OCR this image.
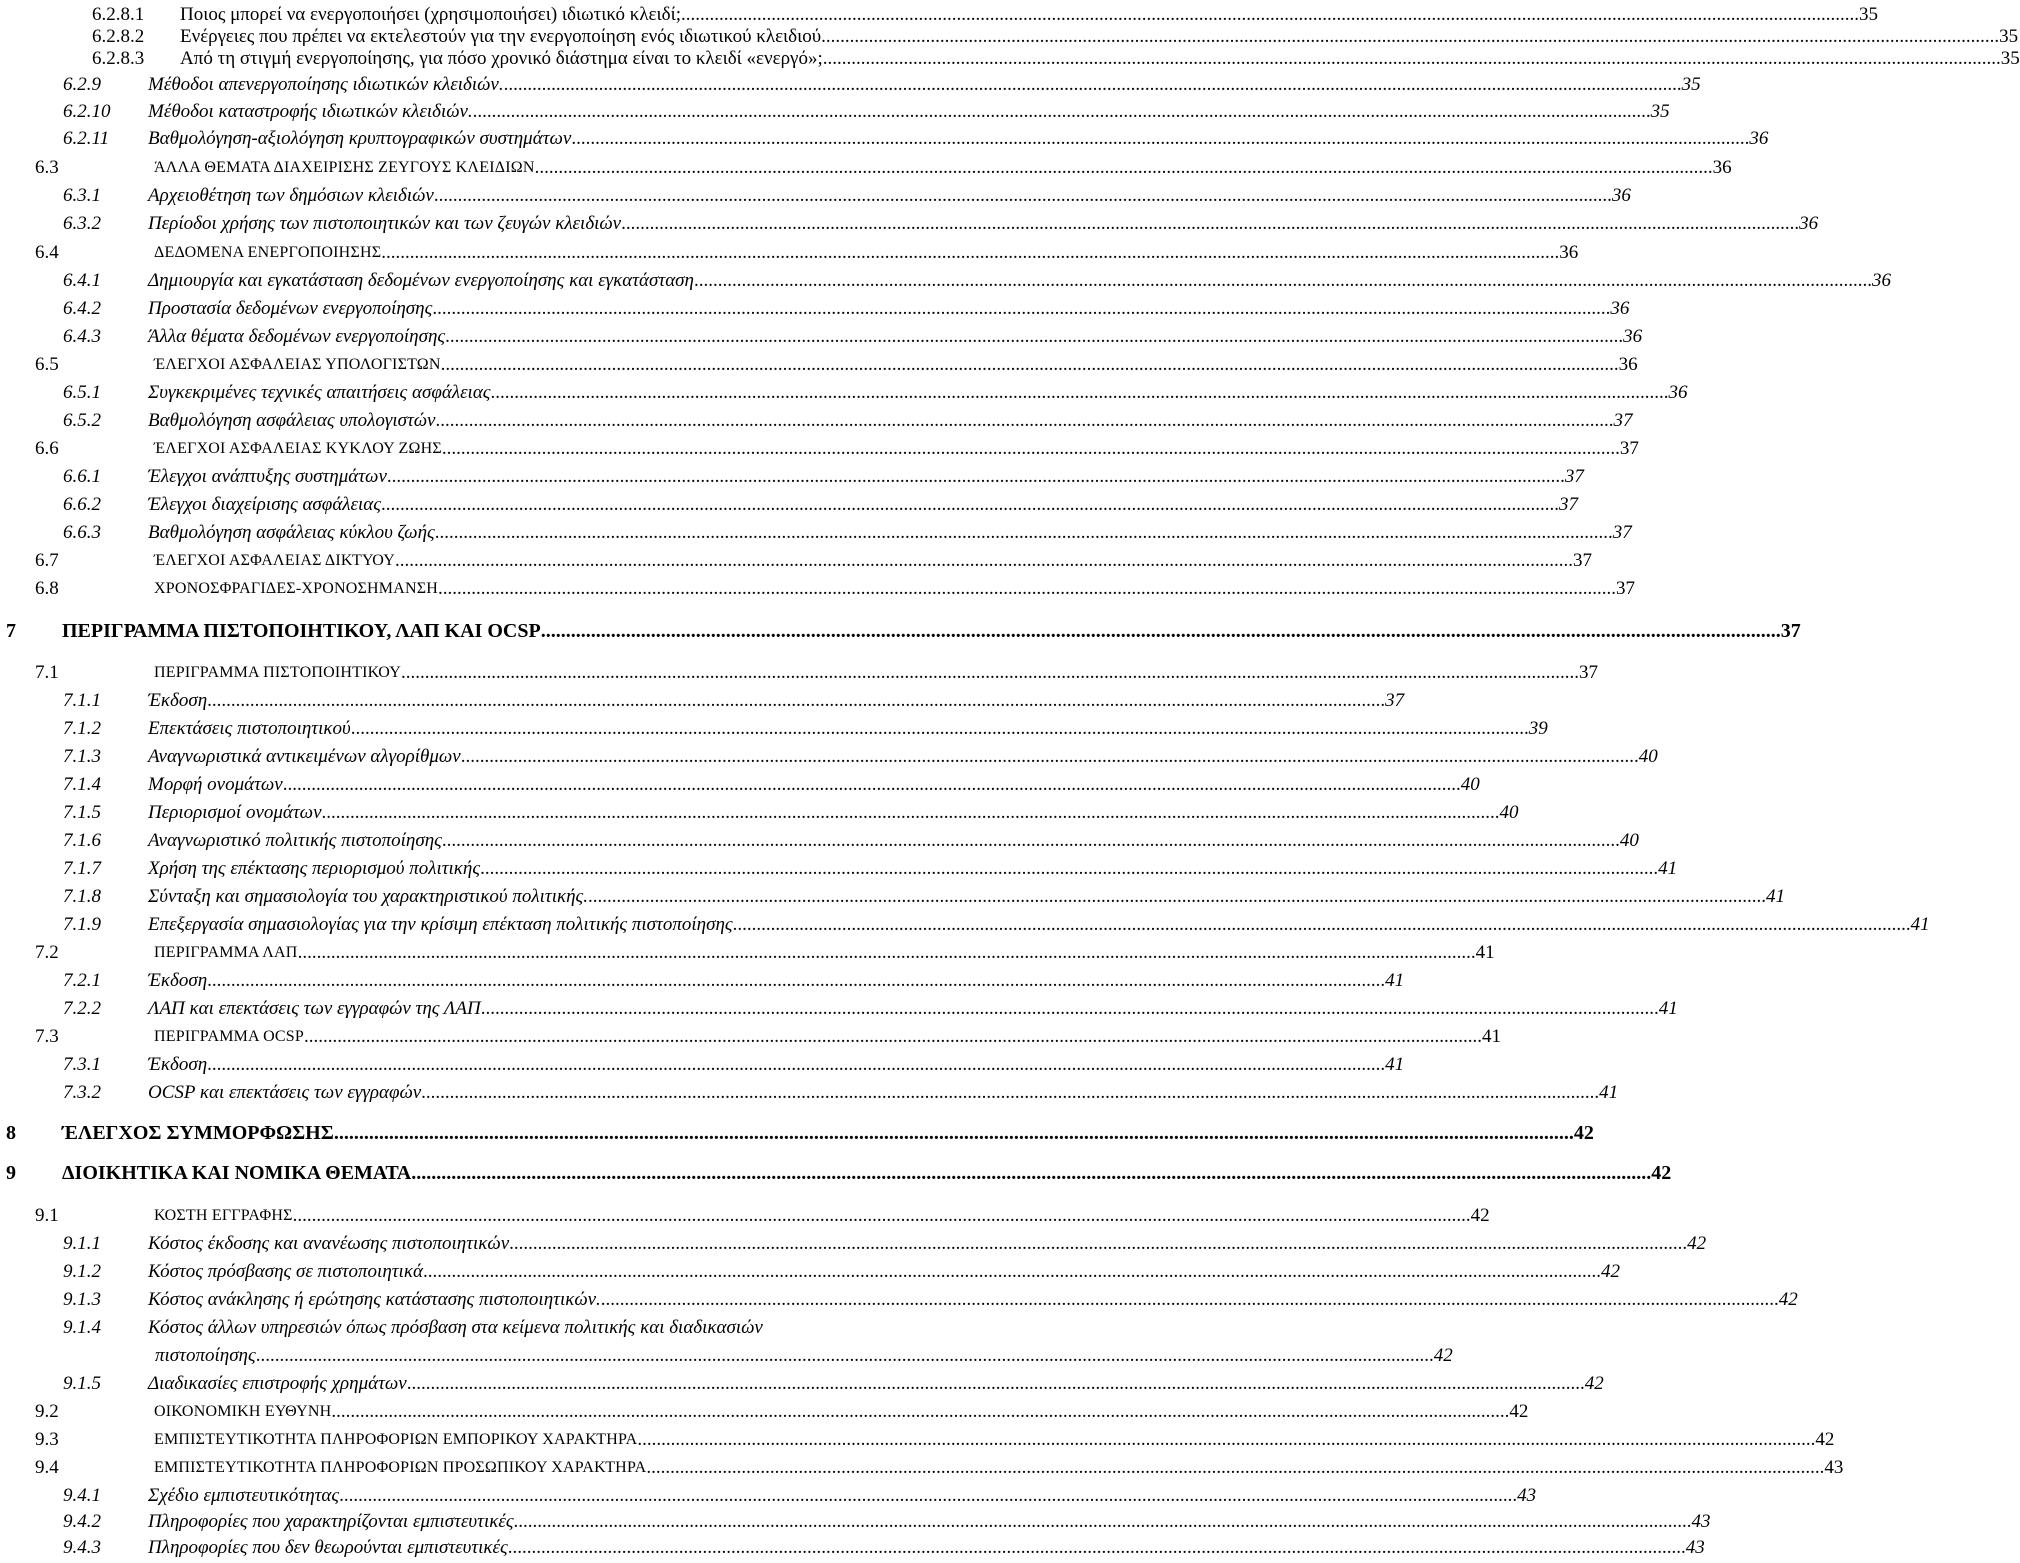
6.2.8.1 Ποιος μπορεί να ενεργοποιήσει (χρησιμοποιήσει) ιδιωτικό κλειδί; .....	35
6.2.8.2 Ενέργειες που πρέπει να εκτελεστούν για την ενεργοποίηση ενός ιδιωτικού κλειδιού .....	35
6.2.8.3 Από τη στιγμή ενεργοποίησης, για πόσο χρονικό διάστημα είναι το κλειδί «ενεργό»; .....	35
6.2.9 Μέθοδοι απενεργοποίησης ιδιωτικών κλειδιών. .....	35
6.2.10 Μέθοδοι καταστροφής ιδιωτικών κλειδιών. .....	35
6.2.11 Βαθμολόγηση-αξιολόγηση κρυπτογραφικών συστημάτων .....	36
6.3	ΆΛΛΑ ΘΕΜΑΤΑ ΔΙΑΧΕΙΡΙΣΗΣ ΖΕΥΓΟΥΣ ΚΛΕΙΔΙΩΝ .....	36
6.3.1 Αρχειοθέτηση των δημόσιων κλειδιών .....	36
6.3.2 Περίοδοι χρήσης των πιστοποιητικών και των ζευγών κλειδιών .....	36
6.4	ΔΕΔΟΜΕΝΑ ΕΝΕΡΓΟΠΟΙΗΣΗΣ .....	36
6.4.1 Δημιουργία και εγκατάσταση δεδομένων ενεργοποίησης και εγκατάσταση .....	36
6.4.2 Προστασία δεδομένων ενεργοποίησης .....	36
6.4.3 Άλλα θέματα δεδομένων ενεργοποίησης .....	36
6.5	ΈΛΕΓΧΟΙ ΑΣΦΑΛΕΙΑΣ ΥΠΟΛΟΓΙΣΤΩΝ .....	36
6.5.1 Συγκεκριμένες τεχνικές απαιτήσεις ασφάλειας .....	36
6.5.2 Βαθμολόγηση ασφάλειας υπολογιστών .....	37
6.6	ΈΛΕΓΧΟΙ ΑΣΦΑΛΕΙΑΣ ΚΥΚΛΟΥ ΖΩΗΣ .....	37
6.6.1 Έλεγχοι ανάπτυξης συστημάτων .....	37
6.6.2 Έλεγχοι διαχείρισης ασφάλειας .....	37
6.6.3 Βαθμολόγηση ασφάλειας κύκλου ζωής .....	37
6.7	ΈΛΕΓΧΟΙ ΑΣΦΑΛΕΙΑΣ ΔΙΚΤΥΟΥ .....	37
6.8	ΧΡΟΝΟΣΦΡΑΓΙΔΕΣ-ΧΡΟΝΟΣΗΜΑΝΣΗ .....	37
7 ΠΕΡΙΓΡΑΜΜΑ ΠΙΣΤΟΠΟΙΗΤΙΚΟΥ, ΛΑΠ ΚΑΙ OCSP .....	37
7.1	ΠΕΡΙΓΡΑΜΜΑ ΠΙΣΤΟΠΟΙΗΤΙΚΟΥ .....	37
7.1.1 Έκδοση .....	37
7.1.2 Επεκτάσεις πιστοποιητικού .....	39
7.1.3 Αναγνωριστικά αντικειμένων αλγορίθμων .....	40
7.1.4 Μορφή ονομάτων .....	40
7.1.5 Περιορισμοί ονομάτων .....	40
7.1.6 Αναγνωριστικό πολιτικής πιστοποίησης .....	40
7.1.7 Χρήση της επέκτασης περιορισμού πολιτικής .....	41
7.1.8 Σύνταξη και σημασιολογία του χαρακτηριστικού πολιτικής. .....	41
7.1.9 Επεξεργασία σημασιολογίας για την κρίσιμη επέκταση πολιτικής πιστοποίησης .....	41
7.2	ΠΕΡΙΓΡΑΜΜΑ ΛΑΠ .....	41
7.2.1 Έκδοση .....	41
7.2.2 ΛΑΠ και επεκτάσεις των εγγραφών της ΛΑΠ .....	41
7.3	ΠΕΡΙΓΡΑΜΜΑ OCSP .....	41
7.3.1 Έκδοση .....	41
7.3.2 OCSP και επεκτάσεις των εγγραφών .....	41
8 ΈΛΕΓΧΟΣ ΣΥΜΜΟΡΦΩΣΗΣ .....	42
9 ΔΙΟΙΚΗΤΙΚΑ ΚΑΙ ΝΟΜΙΚΑ ΘΕΜΑΤΑ .....	42
9.1	ΚΟΣΤΗ ΕΓΓΡΑΦΗΣ .....	42
9.1.1 Κόστος έκδοσης και ανανέωσης πιστοποιητικών .....	42
9.1.2 Κόστος πρόσβασης σε πιστοποιητικά .....	42
9.1.3 Κόστος ανάκλησης ή ερώτησης κατάστασης πιστοποιητικών. .....	42
9.1.4 Κόστος άλλων υπηρεσιών όπως πρόσβαση στα κείμενα πολιτικής και διαδικασιών
πιστοποίησης .....	42
9.1.5 Διαδικασίες επιστροφής χρημάτων .....	42
9.2	ΟΙΚΟΝΟΜΙΚΗ ΕΥΘΥΝΗ .....	42
9.3	ΕΜΠΙΣΤΕΥΤΙΚΟΤΗΤΑ ΠΛΗΡΟΦΟΡΙΩΝ ΕΜΠΟΡΙΚΟΥ ΧΑΡΑΚΤΗΡΑ .....	42
9.4	ΕΜΠΙΣΤΕΥΤΙΚΟΤΗΤΑ ΠΛΗΡΟΦΟΡΙΩΝ ΠΡΟΣΩΠΙΚΟΥ ΧΑΡΑΚΤΗΡΑ .....	43
9.4.1 Σχέδιο εμπιστευτικότητας .....	43
9.4.2 Πληροφορίες που χαρακτηρίζονται εμπιστευτικές .....	43
9.4.3 Πληροφορίες που δεν θεωρούνται εμπιστευτικές .....	43
